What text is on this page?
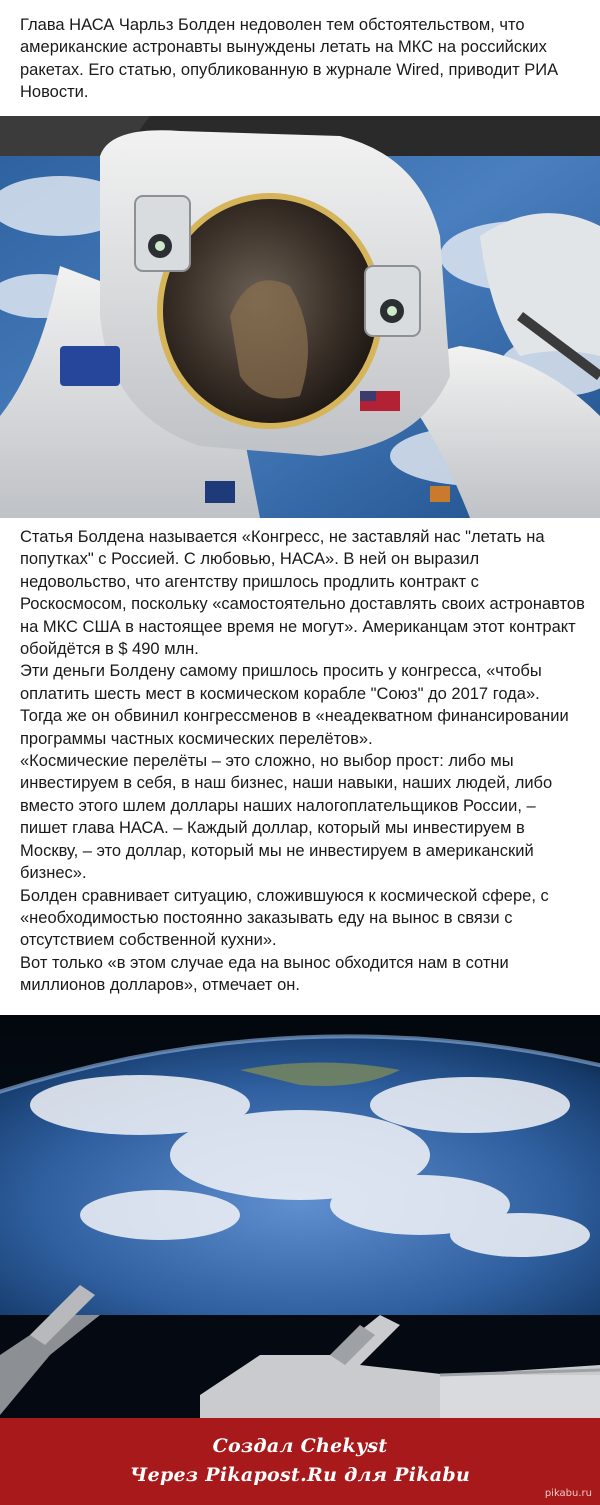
Глава НАСА Чарльз Болден недоволен тем обстоятельством, что американские астронавты вынуждены летать на МКС на российских ракетах. Его статью, опубликованную в журнале Wired, приводит РИА Новости.

Статья Болдена называется «Конгресс, не заставляй нас "летать на попутках" с Россией. С любовью, НАСА». В ней он выразил недовольство, что агентству пришлось продлить контракт с Роскосмосом, поскольку «самостоятельно доставлять своих астронавтов на МКС США в настоящее время не могут». Американцам этот контракт обойдётся в $ 490 млн.

Эти деньги Болдену самому пришлось просить у конгресса, «чтобы оплатить шесть мест в космическом корабле "Союз" до 2017 года». Тогда же он обвинил конгрессменов в «неадекватном финансировании программы частных космических перелётов».

«Космические перелёты – это сложно, но выбор прост: либо мы инвестируем в себя, в наш бизнес, наши навыки, наших людей, либо вместо этого шлем доллары наших налогоплательщиков России, – пишет глава НАСА. – Каждый доллар, который мы инвестируем в Москву, – это доллар, который мы не инвестируем в американский бизнес».

Болден сравнивает ситуацию, сложившуюся к космической сфере, с «необходимостью постоянно заказывать еду на вынос в связи с отсутствием собственной кухни».

Вот только «в этом случае еда на вынос обходится нам в сотни миллионов долларов», отмечает он.

Создал Chekyst
Через Pikapost.Ru для Pikabu
pikabu.ru
